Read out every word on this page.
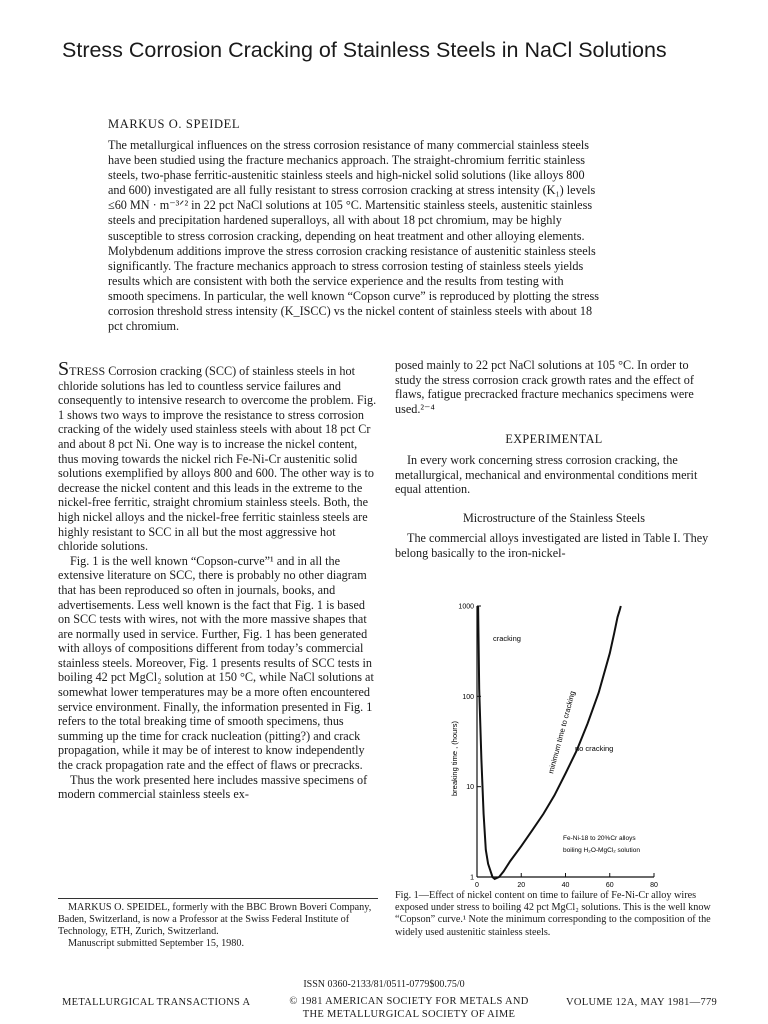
Stress Corrosion Cracking of Stainless Steels in NaCl Solutions
MARKUS O. SPEIDEL
The metallurgical influences on the stress corrosion resistance of many commercial stainless steels have been studied using the fracture mechanics approach. The straight-chromium ferritic stainless steels, two-phase ferritic-austenitic stainless steels and high-nickel solid solutions (like alloys 800 and 600) investigated are all fully resistant to stress corrosion cracking at stress intensity (K₁) levels ≤60 MN · m⁻³ᐟ² in 22 pct NaCl solutions at 105 °C. Martensitic stainless steels, austenitic stainless steels and precipitation hardened superalloys, all with about 18 pct chromium, may be highly susceptible to stress corrosion cracking, depending on heat treatment and other alloying elements. Molybdenum additions improve the stress corrosion cracking resistance of austenitic stainless steels significantly. The fracture mechanics approach to stress corrosion testing of stainless steels yields results which are consistent with both the service experience and the results from testing with smooth specimens. In particular, the well known “Copson curve” is reproduced by plotting the stress corrosion threshold stress intensity (K_ISCC) vs the nickel content of stainless steels with about 18 pct chromium.

STRESS Corrosion cracking (SCC) of stainless steels in hot chloride solutions has led to countless service failures and consequently to intensive research to overcome the problem. Fig. 1 shows two ways to improve the resistance to stress corrosion cracking of the widely used stainless steels with about 18 pct Cr and about 8 pct Ni. One way is to increase the nickel content, thus moving towards the nickel rich Fe-Ni-Cr austenitic solid solutions exemplified by alloys 800 and 600. The other way is to decrease the nickel content and this leads in the extreme to the nickel-free ferritic, straight chromium stainless steels. Both, the high nickel alloys and the nickel-free ferritic stainless steels are highly resistant to SCC in all but the most aggressive hot chloride solutions.

Fig. 1 is the well known “Copson-curve”¹ and in all the extensive literature on SCC, there is probably no other diagram that has been reproduced so often in journals, books, and advertisements. Less well known is the fact that Fig. 1 is based on SCC tests with wires, not with the more massive shapes that are normally used in service. Further, Fig. 1 has been generated with alloys of compositions different from today’s commercial stainless steels. Moreover, Fig. 1 presents results of SCC tests in boiling 42 pct MgCl₂ solution at 150 °C, while NaCl solutions at somewhat lower temperatures may be a more often encountered service environment. Finally, the information presented in Fig. 1 refers to the total breaking time of smooth specimens, thus summing up the time for crack nucleation (pitting?) and crack propagation, while it may be of interest to know independently the crack propagation rate and the effect of flaws or precracks.

Thus the work presented here includes massive specimens of modern commercial stainless steels ex-

MARKUS O. SPEIDEL, formerly with the BBC Brown Boveri Company, Baden, Switzerland, is now a Professor at the Swiss Federal Institute of Technology, ETH, Zurich, Switzerland.

Manuscript submitted September 15, 1980.

posed mainly to 22 pct NaCl solutions at 105 °C. In order to study the stress corrosion crack growth rates and the effect of flaws, fatigue precracked fracture mechanics specimens were used.²⁻⁴

EXPERIMENTAL

In every work concerning stress corrosion cracking, the metallurgical, mechanical and environmental conditions merit equal attention.

Microstructure of the Stainless Steels

The commercial alloys investigated are listed in Table I. They belong basically to the iron-nickel-

1
10
100
1000
0	20	40	60	80
cracking
no cracking
minimum time to cracking
Fe-Ni-18 to 20%Cr alloys
boiling H₂O-MgCl₂ solution
breaking time , (hours)
Fig. 1—Effect of nickel content on time to failure of Fe-Ni-Cr alloy wires exposed under stress to boiling 42 pct MgCl₂ solutions. This is the well know “Copson” curve.¹ Note the minimum corresponding to the composition of the widely used austenitic stainless steels.
ISSN 0360-2133/81/0511-0779$00.75/0
METALLURGICAL TRANSACTIONS A	© 1981 AMERICAN SOCIETY FOR METALS AND
THE METALLURGICAL SOCIETY OF AIME
VOLUME 12A, MAY 1981—779
